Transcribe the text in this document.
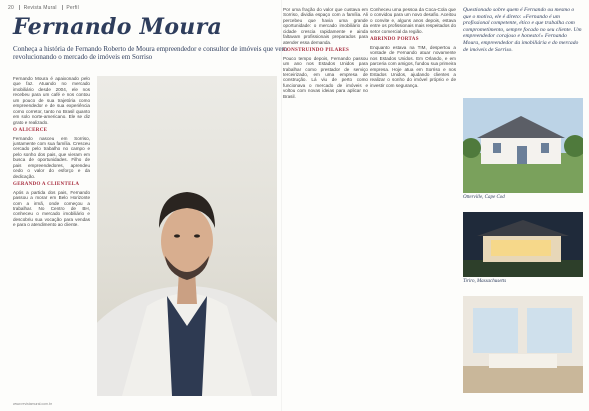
20 Revista Mural Perfil
Fernando Moura
Conheça a história de Fernando Roberto de Moura empreendedor e consultor de imóveis que vem revolucionando o mercado de imóveis em Sorriso

Fernando Moura é apaixonado pelo que faz. Atuando no mercado imobiliário desde 2004, ele nos recebeu para um café e nos contou um pouco de sua trajetória como empreendedor e de sua experiência como corretor, tanto no Brasil quanto em solo norte-americano. Ele se diz grato e realizado.

O ALICERCE

Fernando nasceu em Sorriso, juntamente com sua família. Cresceu cercado pelo trabalho no campo e pelo sonho dos pais, que vieram em busca de oportunidades. Filho de pais empreendedores, aprendeu cedo o valor do esforço e da dedicação.

GERANDO A CLIENTELA

Após a partida dos pais, Fernando passou a morar em Belo Horizonte com a irmã, onde começou a trabalhar. No Centro de BH, conheceu o mercado imobiliário e descobriu sua vocação para vendas e para o atendimento ao cliente.

Por uma fração do valor que custava em Sorriso, dividia espaço com a família. Ali percebeu que havia uma grande oportunidade: o mercado imobiliário da cidade crescia rapidamente e ainda faltavam profissionais preparados para atender essa demanda.

CONSTRUINDO PILARES

Pouco tempo depois, Fernando passou um ano nos Estados Unidos para trabalhar como prestador de serviço terceirizado, em uma empresa de construção. Lá viu de perto como funcionava o mercado de imóveis e voltou com novas ideias para aplicar no Brasil.

Conheceu uma pessoa da Coca-Cola que o convidou para um novo desafio. Aceitou o convite e, alguns anos depois, estava entre os profissionais mais respeitados do setor comercial da região.

ABRINDO PORTAS

Enquanto estava na TIM, despertou a vontade de Fernando atuar novamente nos Estados Unidos. Em Orlando, e em parceria com amigos, fundou sua primeira empresa. Hoje atua em Sorriso e nos Estados Unidos, ajudando clientes a realizar o sonho do imóvel próprio e de investir com segurança.

Questionado sobre quem é Fernando ou mesmo o que o motiva, ele é direto: «Fernando é um profissional competente, ético e que trabalha com comprometimento, sempre focado no seu cliente. Um empreendedor corajoso e honesto!» Fernando Moura, empreendedor da imobiliária e do mercado de imóveis de Sorriso.
Otterville, Cape Cod
Tiriro, Massachusetts
www.revistamural.com.br
